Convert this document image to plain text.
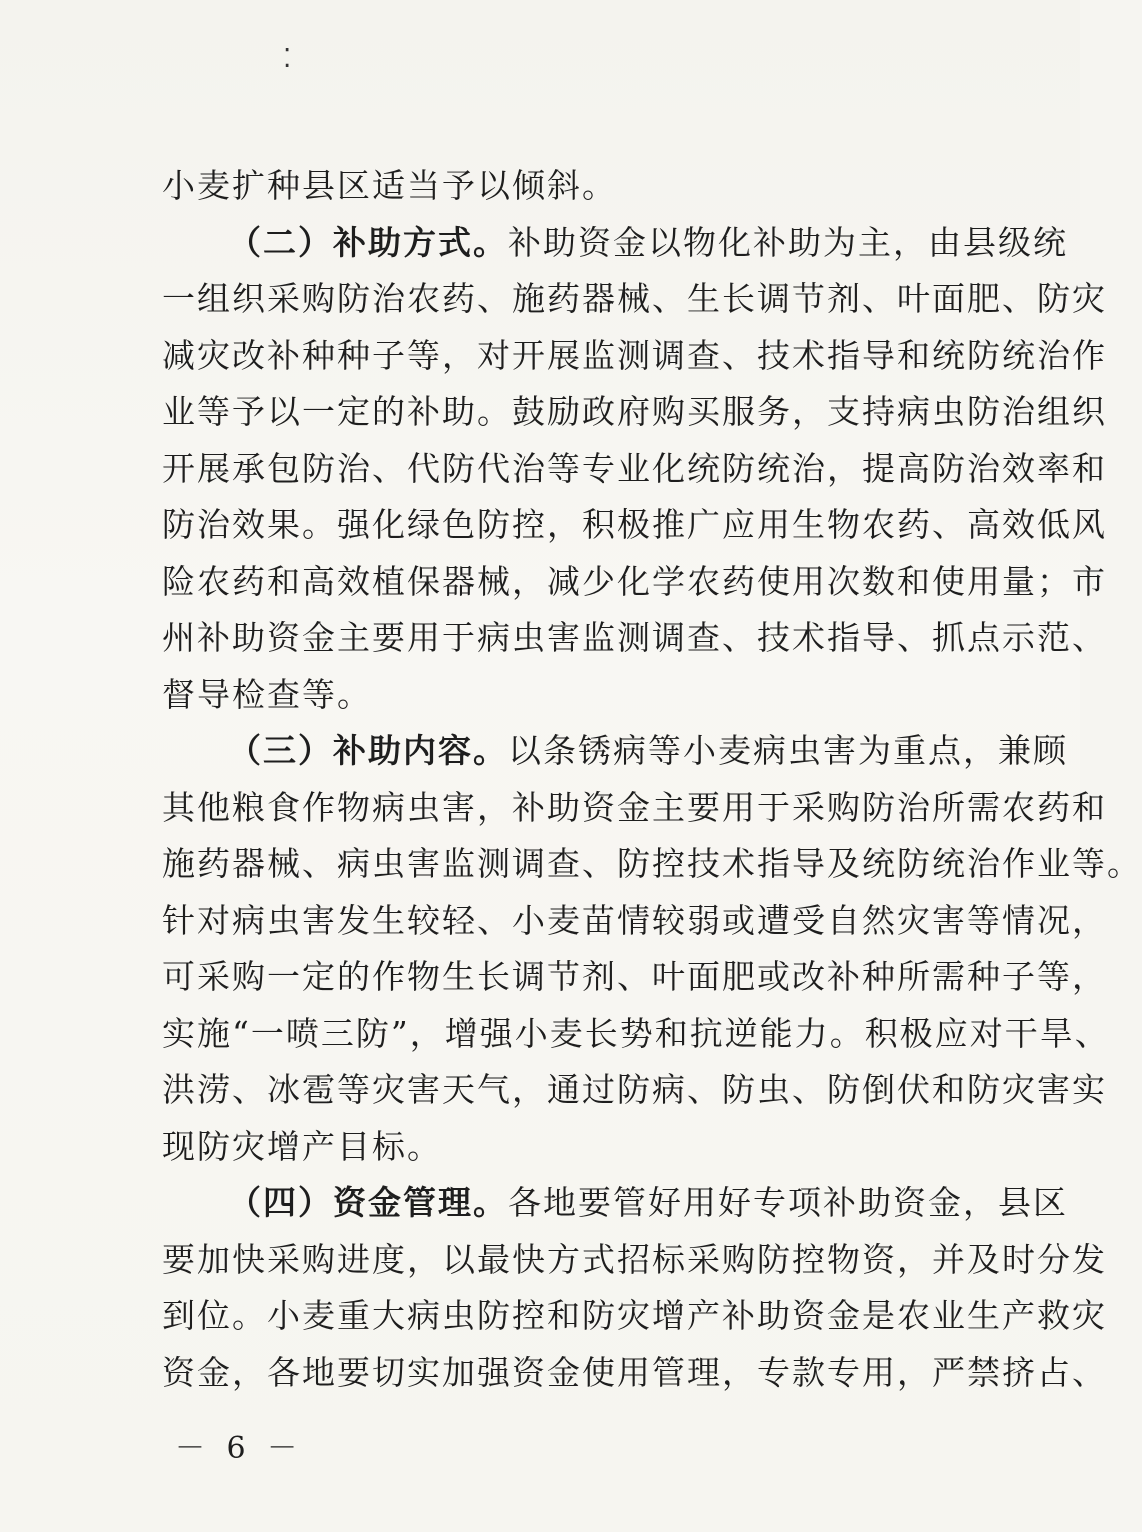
⁚
小麦扩种县区适当予以倾斜。
（二）补助方式。补助资金以物化补助为主，由县级统
一组织采购防治农药、施药器械、生长调节剂、叶面肥、防灾
减灾改补种种子等，对开展监测调查、技术指导和统防统治作
业等予以一定的补助。鼓励政府购买服务，支持病虫防治组织
开展承包防治、代防代治等专业化统防统治，提高防治效率和
防治效果。强化绿色防控，积极推广应用生物农药、高效低风
险农药和高效植保器械，减少化学农药使用次数和使用量；市
州补助资金主要用于病虫害监测调查、技术指导、抓点示范、
督导检查等。
（三）补助内容。以条锈病等小麦病虫害为重点，兼顾
其他粮食作物病虫害，补助资金主要用于采购防治所需农药和
施药器械、病虫害监测调查、防控技术指导及统防统治作业等。
针对病虫害发生较轻、小麦苗情较弱或遭受自然灾害等情况，
可采购一定的作物生长调节剂、叶面肥或改补种所需种子等，
实施“一喷三防”，增强小麦长势和抗逆能力。积极应对干旱、
洪涝、冰雹等灾害天气，通过防病、防虫、防倒伏和防灾害实
现防灾增产目标。
（四）资金管理。各地要管好用好专项补助资金，县区
要加快采购进度，以最快方式招标采购防控物资，并及时分发
到位。小麦重大病虫防控和防灾增产补助资金是农业生产救灾
资金，各地要切实加强资金使用管理，专款专用，严禁挤占、
－ 6 －
